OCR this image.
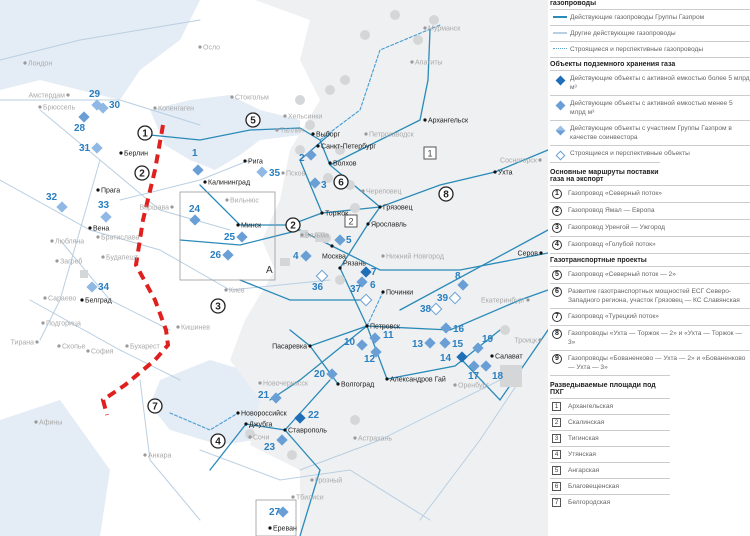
1	2
3
4
5
6
7	8
10
11
12
13
14
15
16
17 18
19
20
21
22
23
24
25
26
27
28
29
30
31
32
33
34
35
36	37
38
39
1
2
2
3
4
5
6
7
8
1
2
Осло
Лондон
Амстердам
Брюссель	Копенгаген
Стокгольм
Таллин
Хельсинки
Мурманск
Апатиты
Архангельск
Выборг
Санкт-Петербург
Петрозаводск
Волхов
Псков
Череповец
Грязовец
Ярославль
Торжок
Вязьма
Москва	Нижний Новгород
Рязань
Ухта
Сосногорск
Серов
Рига
Калининград
Берлин
Прага
Варшава
Вильнюс
Минск
Вена
Братислава
Будапешт
Любляна
Загреб
Киев
Сараево Белград
Подгорица
Кишинев
Бухарест
Тирана
Скопье
София
Афины
Анкара
Новороссийск
Джубга
Сочи
Новочеркасск	Волгоград
Ставрополь
Астрахань
Грозный
Тбилиси
Ереван
Петровск
Починки
Пасаревка
Александров Гай
Оренбург
Салават
Екатеринбург
Троицк
А
газопроводы
Действующие газопроводы Группы Газпром
Другие действующие газопроводы
Строящиеся и перспективные газопроводы
Объекты подземного хранения газа
Действующие объекты с активной емкостью более 5 млрд м³
Действующие объекты с активной емкостью менее 5 млрд м³
Действующие объекты с участием Группы Газпром в качестве соинвестора
Строящиеся и перспективные объекты
Основные маршруты поставки газа на экспорт
1	Газопровод «Северный поток»
2	Газопровод Ямал — Европа
3	Газопровод Уренгой — Ужгород
4	Газопровод «Голубой поток»
Газотранспортные проекты
5	Газопровод «Северный поток — 2»
6	Развитие газотранспортных мощностей ЕСГ Северо-Западного региона, участок Грязовец — КС Славянская
7	Газопровод «Турецкий поток»
8	Газопроводы «Ухта — Торжок — 2» и «Ухта — Торжок — 3»
9	Газопроводы «Бованенково — Ухта — 2» и «Бованенково — Ухта — 3»
Разведываемые площади под ПХГ
1	Архангельская
2	Скалинская
3	Тигинская
4	Утянская
5	Ангарская
6	Благовещенская
7	Белгородская
